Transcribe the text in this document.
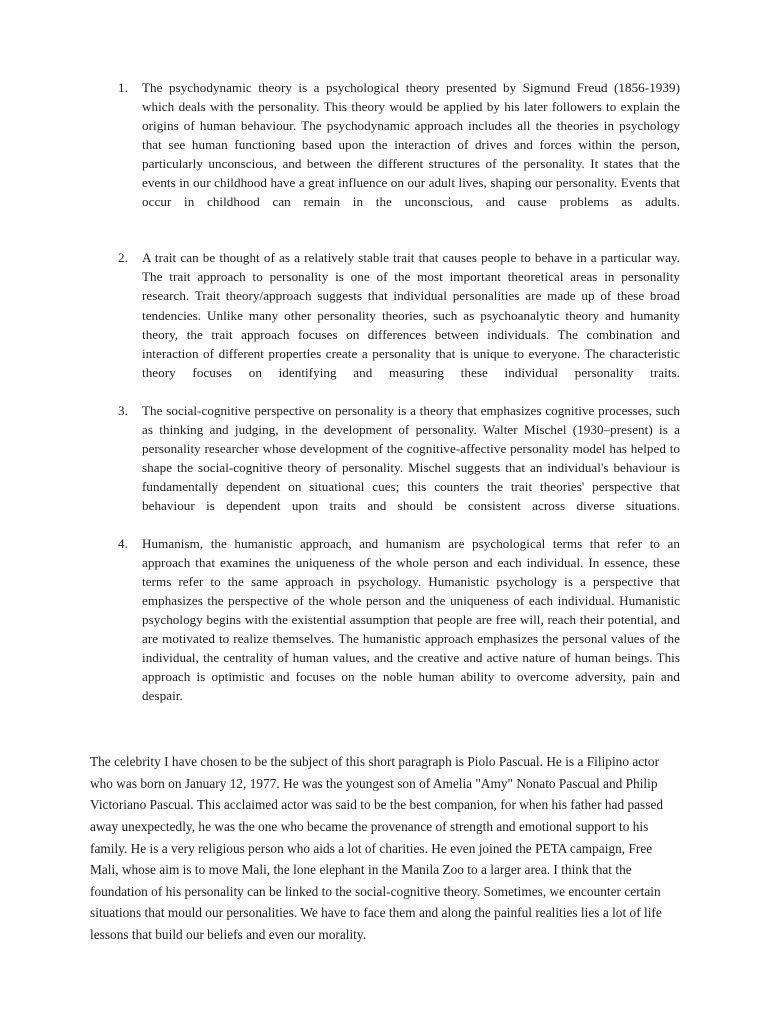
1.	The psychodynamic theory is a psychological theory presented by Sigmund Freud (1856-1939) which deals with the personality. This theory would be applied by his later followers to explain the origins of human behaviour. The psychodynamic approach includes all the theories in psychology that see human functioning based upon the interaction of drives and forces within the person, particularly unconscious, and between the different structures of the personality. It states that the events in our childhood have a great influence on our adult lives, shaping our personality. Events that occur in childhood can remain in the unconscious, and cause problems as adults.
2.	A trait can be thought of as a relatively stable trait that causes people to behave in a particular way. The trait approach to personality is one of the most important theoretical areas in personality research. Trait theory/approach suggests that individual personalities are made up of these broad tendencies. Unlike many other personality theories, such as psychoanalytic theory and humanity theory, the trait approach focuses on differences between individuals. The combination and interaction of different properties create a personality that is unique to everyone. The characteristic theory focuses on identifying and measuring these individual personality traits.
3.	The social-cognitive perspective on personality is a theory that emphasizes cognitive processes, such as thinking and judging, in the development of personality. Walter Mischel (1930–present) is a personality researcher whose development of the cognitive-affective personality model has helped to shape the social-cognitive theory of personality. Mischel suggests that an individual's behaviour is fundamentally dependent on situational cues; this counters the trait theories' perspective that behaviour is dependent upon traits and should be consistent across diverse situations.
4.	Humanism, the humanistic approach, and humanism are psychological terms that refer to an approach that examines the uniqueness of the whole person and each individual. In essence, these terms refer to the same approach in psychology. Humanistic psychology is a perspective that emphasizes the perspective of the whole person and the uniqueness of each individual. Humanistic psychology begins with the existential assumption that people are free will, reach their potential, and are motivated to realize themselves. The humanistic approach emphasizes the personal values of the individual, the centrality of human values, and the creative and active nature of human beings. This approach is optimistic and focuses on the noble human ability to overcome adversity, pain and despair.

The celebrity I have chosen to be the subject of this short paragraph is Piolo Pascual. He is a Filipino actor who was born on January 12, 1977. He was the youngest son of Amelia "Amy" Nonato Pascual and Philip Victoriano Pascual. This acclaimed actor was said to be the best companion, for when his father had passed away unexpectedly, he was the one who became the provenance of strength and emotional support to his family. He is a very religious person who aids a lot of charities. He even joined the PETA campaign, Free Mali, whose aim is to move Mali, the lone elephant in the Manila Zoo to a larger area. I think that the foundation of his personality can be linked to the social-cognitive theory. Sometimes, we encounter certain situations that mould our personalities. We have to face them and along the painful realities lies a lot of life lessons that build our beliefs and even our morality.
